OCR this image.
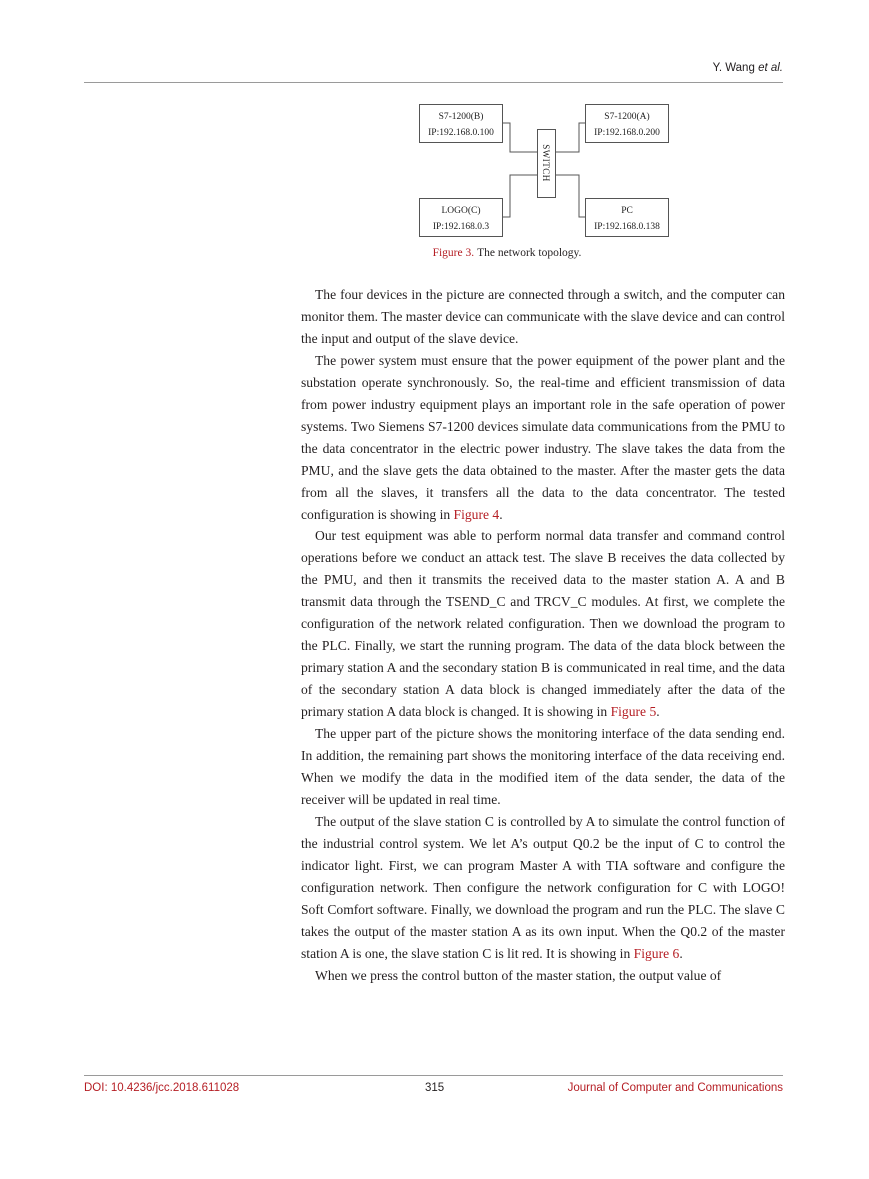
Y. Wang et al.
S7-1200(B)
IP:192.168.0.100
S7-1200(A)
IP:192.168.0.200
LOGO(C)
IP:192.168.0.3
PC
IP:192.168.0.138
SWITCH
Figure 3. The network topology.

The four devices in the picture are connected through a switch, and the computer can monitor them. The master device can communicate with the slave device and can control the input and output of the slave device.

The power system must ensure that the power equipment of the power plant and the substation operate synchronously. So, the real-time and efficient transmission of data from power industry equipment plays an important role in the safe operation of power systems. Two Siemens S7-1200 devices simulate data communications from the PMU to the data concentrator in the electric power industry. The slave takes the data from the PMU, and the slave gets the data obtained to the master. After the master gets the data from all the slaves, it transfers all the data to the data concentrator. The tested configuration is showing in Figure 4.

Our test equipment was able to perform normal data transfer and command control operations before we conduct an attack test. The slave B receives the data collected by the PMU, and then it transmits the received data to the master station A. A and B transmit data through the TSEND_C and TRCV_C modules. At first, we complete the configuration of the network related configuration. Then we download the program to the PLC. Finally, we start the running program. The data of the data block between the primary station A and the secondary station B is communicated in real time, and the data of the secondary station A data block is changed immediately after the data of the primary station A data block is changed. It is showing in Figure 5.

The upper part of the picture shows the monitoring interface of the data sending end. In addition, the remaining part shows the monitoring interface of the data receiving end. When we modify the data in the modified item of the data sender, the data of the receiver will be updated in real time.

The output of the slave station C is controlled by A to simulate the control function of the industrial control system. We let A’s output Q0.2 be the input of C to control the indicator light. First, we can program Master A with TIA software and configure the configuration network. Then configure the network configuration for C with LOGO! Soft Comfort software. Finally, we download the program and run the PLC. The slave C takes the output of the master station A as its own input. When the Q0.2 of the master station A is one, the slave station C is lit red. It is showing in Figure 6.

When we press the control button of the master station, the output value of

DOI: 10.4236/jcc.2018.611028	315	Journal of Computer and Communications
